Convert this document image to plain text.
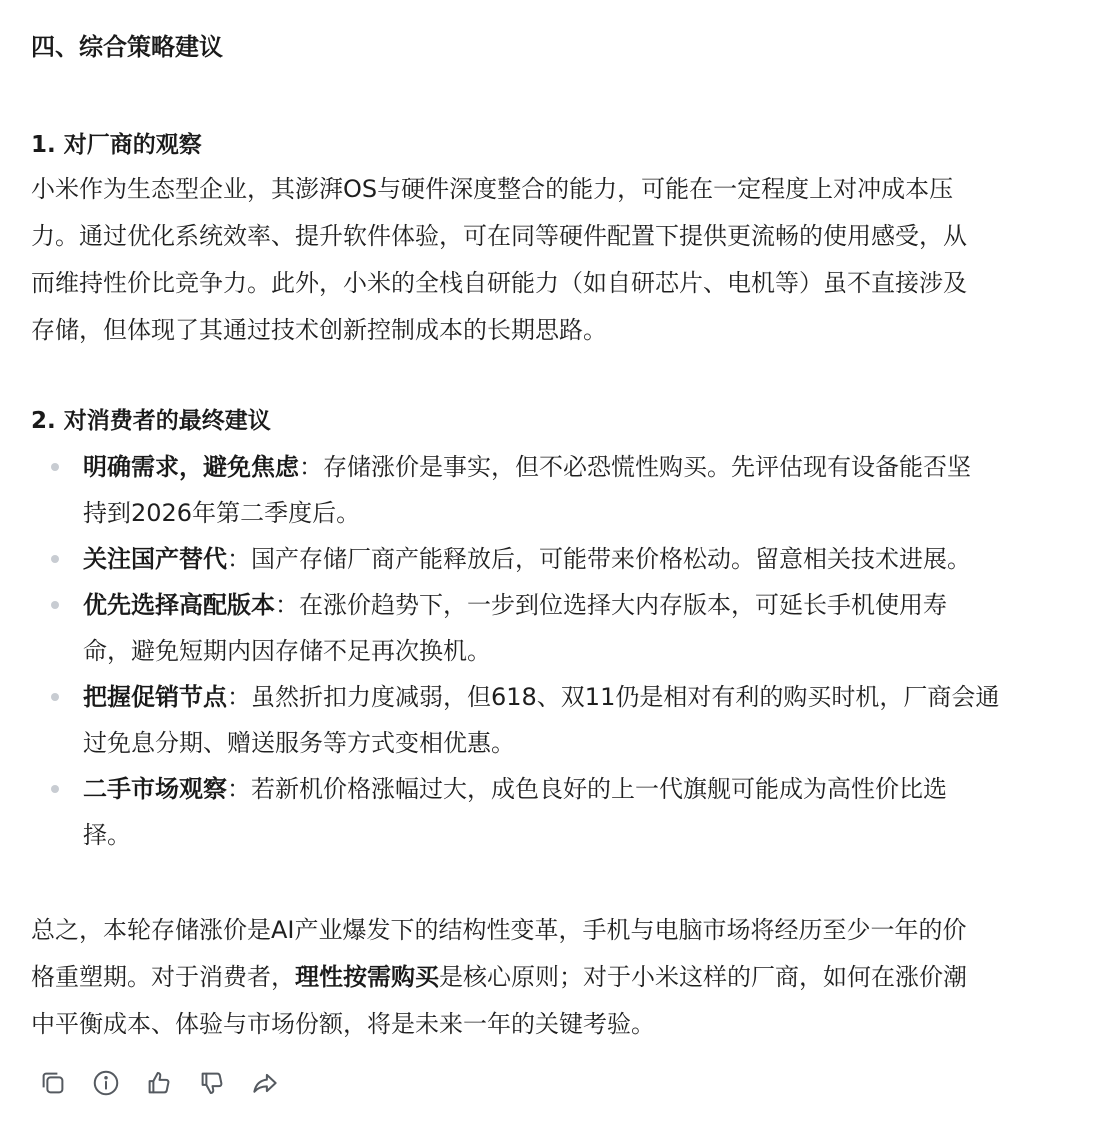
四、综合策略建议
1. 对厂商的观察

小米作为生态型企业，其澎湃OS与硬件深度整合的能力，可能在一定程度上对冲成本压
力。通过优化系统效率、提升软件体验，可在同等硬件配置下提供更流畅的使用感受，从
而维持性价比竞争力。此外，小米的全栈自研能力（如自研芯片、电机等）虽不直接涉及
存储，但体现了其通过技术创新控制成本的长期思路。

2. 对消费者的最终建议
明确需求，避免焦虑：存储涨价是事实，但不必恐慌性购买。先评估现有设备能否坚
持到2026年第二季度后。
关注国产替代：国产存储厂商产能释放后，可能带来价格松动。留意相关技术进展。
优先选择高配版本：在涨价趋势下，一步到位选择大内存版本，可延长手机使用寿
命，避免短期内因存储不足再次换机。
把握促销节点：虽然折扣力度减弱，但618、双11仍是相对有利的购买时机，厂商会通
过免息分期、赠送服务等方式变相优惠。
二手市场观察：若新机价格涨幅过大，成色良好的上一代旗舰可能成为高性价比选
择。

总之，本轮存储涨价是AI产业爆发下的结构性变革，手机与电脑市场将经历至少一年的价
格重塑期。对于消费者，理性按需购买是核心原则；对于小米这样的厂商，如何在涨价潮
中平衡成本、体验与市场份额，将是未来一年的关键考验。
